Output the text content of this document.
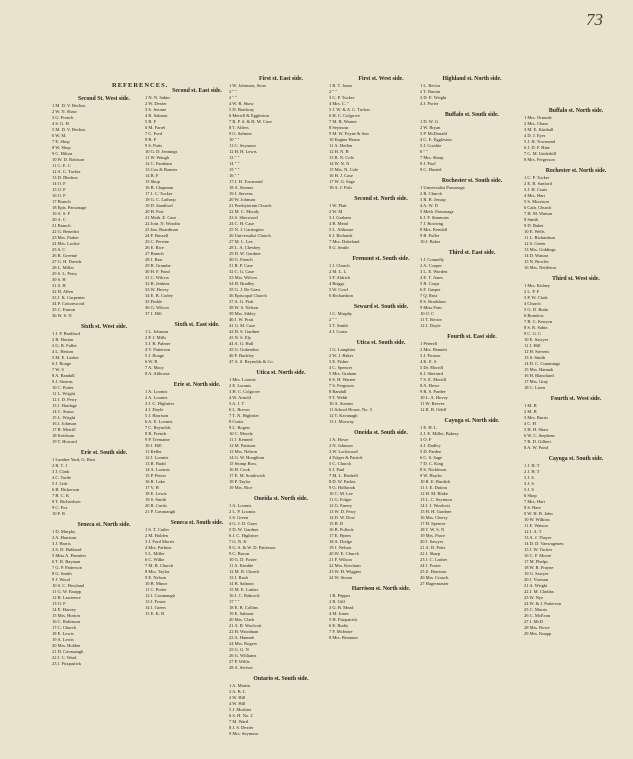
73
REFERENCES.
Second St. West side.
1 M. D. V. Beckus
2 W. N. Shaw
3 G. French
4 S. G. H
5 M. D. V. Beckus
6 W. M.
7 E. Shop
8 W. Shop
9 C. Hilton
10 W. D. Robison
11 C. E. C
12 A. C. Tucker
13 D. Bledsoe
14 O. F
15 O. F
16 O. F
17 Branch
18 Epis. Parsonage
19 A. S. F
20 A. C
21 Branch
22 G. Benedict
23 Mrs. Parker
24 Mrs. Locker
25 S. C
26 R. Greenie
27 G. H. Davids
28 L. Miller
29 S. L. Perry
30 S. H
31 S. H
32 H. Allen
33 J. K. Carpenter
34 P. Cottonwood
35 C. Easton
36 W. S. N
Sixth st. West side.
1 J. P. Bradford
2 R. Horton
3 G. R. Fuller
4 L. Heston
5 M. E. Lasher
6 J. Bouge
7 W. S
8 A. Randall
9 J. Stearns
10 C. Potter
11 L. Wright
12 J. D. Perry
13 J. Hardage
14 C. Struss
15 L. Wright
16 J. Johnson
17 B. Merrill
18 Ketchum
19 T. Howard
Erie st. South side.
1 Lumber Yard, G. Rust
2 R. T. J
3 J. Clark
4 C. Tuttle
5 J. Lish
6 B. Dickerson
7 B. C. K
8 T. Richardson
9 C. Fox
10 F. R
Seneca st. North side.
1 D. Murphy
2 A. Harrison
3 J. Harris
4 S. D. Hubbard
5 Miss A. Parmiter
6 T. R. Bayman
7 G. P. Patterson
8 G. Smith
9 J. Wood
10 S. C. Howland
11 G. W. Knapp
12 R. Lawrence
13 O. F
14 E. Harvey
15 Mrs. Horton
16 C. Robinson
17 C. Church
18 E. Lewis
19 A. Lewis
20 Mrs. Holden
21 D. Cavanaugh
22 J. C. Ward
23 J. Fitzpatrick
Second st. East side.
1 N. N. Sabin
2 W. Dexter
3 S. Jerome
4 R. Salmon
5 B. F
6 M. Farrel
7 C. Ford
8 B. F
9 S. Potts
10 G. D. Jennings
11 W. Waugh
12 C. Farnham
13 Cox & Bonner
14 B. F
15 Shop
16 B. Chapman
17 J. C. Tucker
18 G. C. Lathrop
19 D. Sandford
20 H. Port
21 Meth. E. Case
22 Join. N. Woodin
23 Jno. Boardman
24 F. Russell
25 C. Perrine
26 E. Rice
27 Branch
28 J. Barr
29 B. Grumbe
30 H. F. Pond
31 C. Wilcox
32 B. Jenkins
33 W. Hovey
34 E. B. Carley
35 Finkle
36 G. Wilcox
37 J. Hill
Sixth st. East side.
1 L. Johnson
2 P. J. Mills
3 J. B. Palmer
4 V. Patterson
5 J. Bouge
6 W. R
7 A. Macy
8 A. Althouse
Erie st. North side.
1 A. Loomis
2 A. Loomis
3 J. C. Highriter
4 J. Doyle
5 J. Harrison
6 A. E. Loomis
7 C. Reynolds
8 R. French
9 P. Tremaine
10 J. Hill
11 Keller
12 J. Loomis
13 R. Budd
14 A. Loomis
15 P. Peters
16 R. Lake
17 V. H
18 E. Lewis
19 S. Smith
20 R. Curtis
21 P. Cavanaugh
Seneca st. South side.
1 S. T. Cutler
2 M. Holden
3 J. Ford Morris
4 Mrs. Parkins
5 L. Miller
6 C. Wilke
7 M. B. Church
8 Mrs. Taylor
9 E. Nelson
10 B. Minor
11 C. Potter
12 J. Cavanaugh
13 J. Foster
14 J. Green
15 E. K. B
First st. East side.
1 W. Johnston, Store
2 " "
3 " "
4 W. B. Shaw
5 D. Bradway
6 Merrill & Eggleston
7 R. P. S. & H. M. Case
8 T. Alders
9 G. Salmon
10 " "
11 C. Seymour
12 H. H. Lewis
13 " "
14 " "
15 " "
16 " "
17 J. H. Townsend
18 A. Stearns
19 J. Stevens
20 W. Johnson
21 Presbyterian Church
22 M. C. Moody
23 S. Sherwood
24 C. H. Case
25 N. J. Carrington
26 Universalist Church
27 M. L. Lee
28 L. A. Cheshey
29 D. W. Gardner
30 G. French
31 R. P. Case
32 C. G. Case
33 Mrs. Wilcox
34 H. Bradley
35 G. J. De Graw
36 Episcopal Church
37 A. G. Fish
38 W. S. Nelson
39 Mrs. Sibley
40 J. W. Pratt
41 G. M. Case
42 H. S. Gardner
43 N. S. Ely
44 A. G. Hull
45 G. Goheadon
46 F. Buckley
47 A. S. Reynolds & Co.
Utica st. North side.
1 Mrs. Loomis
2 E. Loomis
3 H. C. Colgrove
4 W. Arnold
5 A. J. T
6 L. Brown
7 T. N. Highriter
8 Curtis
9 L. Rogers
10 C. Moody
11 J. Kenned
12 M. Pattison
13 Mrs. Nelson
14 G. W. Houghton
15 Stump Bros.
16 H. Cook
17 E. M. Southwick
18 P. Taylor
19 Mrs. Rice
Oneida st. North side.
1 A. Loomis
2 L. P. Loomis
3 S. Green
4 G. J. D. Graw
5 D. W. Gardner
6 J. C. Highriter
7 G. N. K
8 G. S. & W. D. Patterson
9 C. Bacon
10 G. D. Foster
11 A. Kimble
12 M. B. Church
13 J. Rush
14 B. Salmon
15 M. E. Lasher
16 J. C. Babcock
17 " "
18 E. B. Collins
19 E. Salmon
20 Mrs. Clark
21 A. R. Woolcott
22 H. Woodman
23 A. Hannah
24 Mrs. Rogers
25 G. G. N
26 G. Williams
27 P. Willis
28 A. Seriver
Ontario st. South side.
1 A. Martin
2 A. B. L
3 W. Hill
4 W. Hill
5 J. Moshier
6 S. H. No. 2
7 M. Ward
8 J. S. Dexter
9 Mrs. Seymour
First st. West side.
1 R. T. Jones
2 " "
3 C. P. Tucker
4 Mrs. C. "
5 J. W. & A. C. Tucker
6 H. C. Colgrove
7 M. B. Warner
8 Seymour
9 M. W. Foyne & Son
10 Engine House
11 A. Hoffen
12 H. N. B
13 R. N. Cole
14 W. N. N
15 Mrs. N. Cole
16 H. J. Case
17 W. G. Sage
18 A. J. Fish
Second st. North side.
1 W. Platt
2 W. M
3 J. Graham
4 B. Mead
5 L. Althouse
6 J. Richards
7 Mrs. Dokeland
8 G. Smith
Fremont st. South side.
1 J. Church
2 M. L. L
3 F. Aldrich
4 Briggs
5 W. Cowl
6 Richardson
Seward st. South side.
1 C. Murphy
2 " "
3 T. Smith
4 J. Curtis
Utica st. South side.
1 G. Lamphier
2 W. J. Baker
3 E. Fisher
4 C. Spencer
5 Mrs. Graham
6 S. H. Warner
7 S. Ferguson
8 Randall
9 T. Webb
10 A. Stearns
11 School House, No. 3
12 T. Kavanagh
13 J. Morway
Oneida st. South side.
1 A. Howe
2 N. Johnson
3 W. Lockwood
4 Folger & Patrick
5 C. Church
6 J. Paul
7 M. L. Birdsell
8 D. W. Parker
9 G. Holbrook
10 C. M. Lee
11 G. Folger
12 G. Emery
13 W. D. Perry
14 D. W. Dow
15 B. D
16 B. Pollock
17 E. Hynes
18 A. Dodge
19 J. Nelson
20 W. E. Church
21 F. Wilson
22 Mrs. Ketchum
23 W. H. Wiggins
24 W. Sisson
Harrison st. North side.
1 B. Pepper
2 R. Giff
3 G. B. Mead
4 M. Jones
5 H. Fitzpatrick
6 E. Rudiy
7 F. McIntire
8 Mrs. Briamon
Highland st. North side.
1 L. Rector
2 T. Barton
3 D. E. Wright
4 J. Porter
Buffalo st. South side.
1 D. W. G
2 W. Bryan
3 P. McDonald
4 C. E. Eggleston
5 J. Crosbie
6 " "
7 Mrs. Sharp
8 J. Pool
9 C. Husted
Rochester st. South side.
1 Universalist Parsonage
2 R. Church
3 R. B. Jessup
4 A. W. D
5 Meth. Parsonage
6 J. F. Simmons
7 J. Bowring
8 Mrs. Kendall
9 R. Fuller
10 J. Baker
Third st. East side.
1 J. Connolly
2 A. Cooper
3 L. E. Worden
4 E. T. Jones
5 R. Corps
6 F. Gasper
7 Q. Rust
8 S. Bradshaw
9 Miss Pratt
10 O. C
11 T. Rector
12 J. Doyle
Fourth st. East side.
1 Peterell
2 Mrs. Bennett
3 J. Prosser
4 K. E. S
5 Dr. Morrill
6 J. Sherrard
7 S. E. Morrill
8 A. Howe
9 R. S. Pardee
10 L. A. Hovey
11 W. Reeves
12 R. B. Odell
Cayuga st. North side.
1 E. H. L
2 J. E. Miller, Bakery
3 O. F
4 J. Dudley
5 D. Pardee
6 C. S. Sage
7 D. C. King
8 S. Nickleson
9 W. Hawks
10 R. E. Burdick
11 J. E. Dutton
12 H. M. Blake
13 L. C. Seymour
14 J. J. Woolcott
15 H. H. Gardner
16 Mrs. Cherry
17 H. Spencer
18 T. W. S. N
19 Mrs. Parce
20 J. Sawyer
21 A. D. Potts
22 J. Sharp
23 J. C. Lasher
24 J. Foster
25 Z. Harrison
26 Mrs. Crouch
27 Hagermaster
Buffalo st. North side.
1 Mrs. Ormode
2 Mrs. Chase
3 M. E. Kimball
4 D. J. Eyer
5 J. H. Townsend
6 J. D. F. Hine
7 C. M. Underhill
8 Mrs. Fergerson
Rochester st. North side.
1 C. P. Tucker
2 E. R. Sanford
3 J. H. Coats
4 Mrs. Hart
5 S. Morrison
6 Cath. Church
7 H. M. Watson
8 Smith
9 D. Baker
10 E. Wells
11 L. Richardson
12 S. Green
13 Mrs. Giddings
14 D. Watson
15 N. Bowles
16 Mrs. Nettleton
Third st. West side.
1 Mrs. Kidney
2 L. P. F
3 P. W. Clark
4 Church
5 G. D. Buda
6 Brandow
7 B. C. Kenyon
8 S. R. Sabin
9 C. G. C
10 E. Sawyer
11 J. Hill
12 H. Stevens
13 S. Smith
14 D. C. Cummings
15 Mrs. Hannah
16 H. Blanchard
17 Mrs. Gray
18 C. Lawn
Fourth st. West side.
1 M. B
2 M. B
3 Mrs. Burris
4 C. H
5 H. H. Shaw
6 W. C. Stephens
7 R. D. Gilbert
8 A. W. Pond
Cayuga st. South side.
1 J. H. T
2 J. H. T
3 J. S
4 J. S
5 J. S
6 Shop
7 Mrs. Hart
8 S. Hare
9 W. H. B. John
10 W. Wilkins
11 E. Watson
12 J. A. T
13 A. J. Thayer
14 D. D. Vanwagenen
15 J. W. Tucker
16 C. F. Moore
17 M. Phelps
18 W. R. Frayne
19 G. Sawyer
20 J. Vroman
21 A. Wright
22 J. M. Chubbs
23 W. Nye
24 W. & J. Patterson
25 C. Morris
26 C. McEvan
27 J. McD
28 Mrs. Rowe
29 Mrs. Knapp
